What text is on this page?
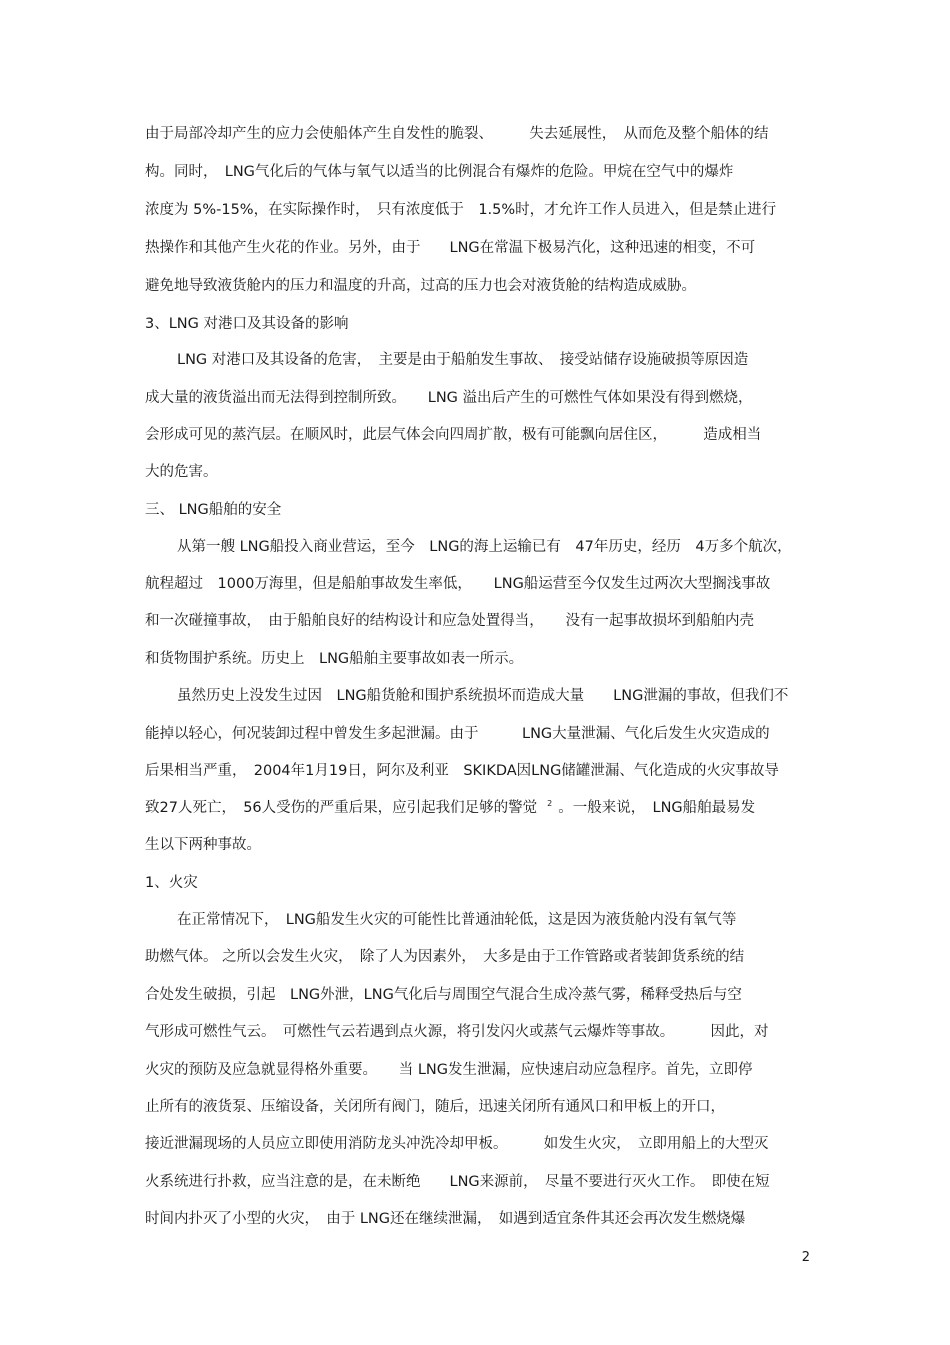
由于局部冷却产生的应力会使船体产生自发性的脆裂、　　　失去延展性，　从而危及整个船体的结
构。同时，　LNG气化后的气体与氧气以适当的比例混合有爆炸的危险。甲烷在空气中的爆炸
浓度为 5%-15%，在实际操作时，　只有浓度低于　1.5%时，才允许工作人员进入，但是禁止进行
热操作和其他产生火花的作业。另外，由于　　LNG在常温下极易汽化，这种迅速的相变，不可
避免地导致液货舱内的压力和温度的升高，过高的压力也会对液货舱的结构造成威胁。
3、LNG 对港口及其设备的影响
LNG 对港口及其设备的危害，　主要是由于船舶发生事故、　接受站储存设施破损等原因造
成大量的液货溢出而无法得到控制所致。　　LNG 溢出后产生的可燃性气体如果没有得到燃烧，
会形成可见的蒸汽层。在顺风时，此层气体会向四周扩散，极有可能飘向居住区，　　　造成相当
大的危害。
三、 LNG船舶的安全
从第一艘 LNG船投入商业营运，至今　LNG的海上运输已有　47年历史，经历　4万多个航次，
航程超过　1000万海里，但是船舶事故发生率低，　　LNG船运营至今仅发生过两次大型搁浅事故
和一次碰撞事故，　由于船舶良好的结构设计和应急处置得当，　　没有一起事故损坏到船舶内壳
和货物围护系统。历史上　LNG船舶主要事故如表一所示。
虽然历史上没发生过因　LNG船货舱和围护系统损坏而造成大量　　LNG泄漏的事故，但我们不
能掉以轻心，何况装卸过程中曾发生多起泄漏。由于　　　LNG大量泄漏、气化后发生火灾造成的
后果相当严重，　2004年1月19日，阿尔及利亚　SKIKDA因LNG储罐泄漏、气化造成的火灾事故导
致27人死亡，　56人受伤的严重后果，应引起我们足够的警觉 $^2$ 。一般来说，　LNG船舶最易发
生以下两种事故。
1、火灾
在正常情况下，　LNG船发生火灾的可能性比普通油轮低，这是因为液货舱内没有氧气等
助燃气体。 之所以会发生火灾，　除了人为因素外，　大多是由于工作管路或者装卸货系统的结
合处发生破损，引起　LNG外泄，LNG气化后与周围空气混合生成冷蒸气雾，稀释受热后与空
气形成可燃性气云。　可燃性气云若遇到点火源，将引发闪火或蒸气云爆炸等事故。　　　因此，对
火灾的预防及应急就显得格外重要。　　当 LNG发生泄漏，应快速启动应急程序。首先，立即停
止所有的液货泵、压缩设备，关闭所有阀门，随后，迅速关闭所有通风口和甲板上的开口，
接近泄漏现场的人员应立即使用消防龙头冲洗冷却甲板。　　　如发生火灾，　立即用船上的大型灭
火系统进行扑救，应当注意的是，在未断绝　　LNG来源前，　尽量不要进行灭火工作。　即使在短
时间内扑灭了小型的火灾，　由于 LNG还在继续泄漏，　如遇到适宜条件其还会再次发生燃烧爆
2
